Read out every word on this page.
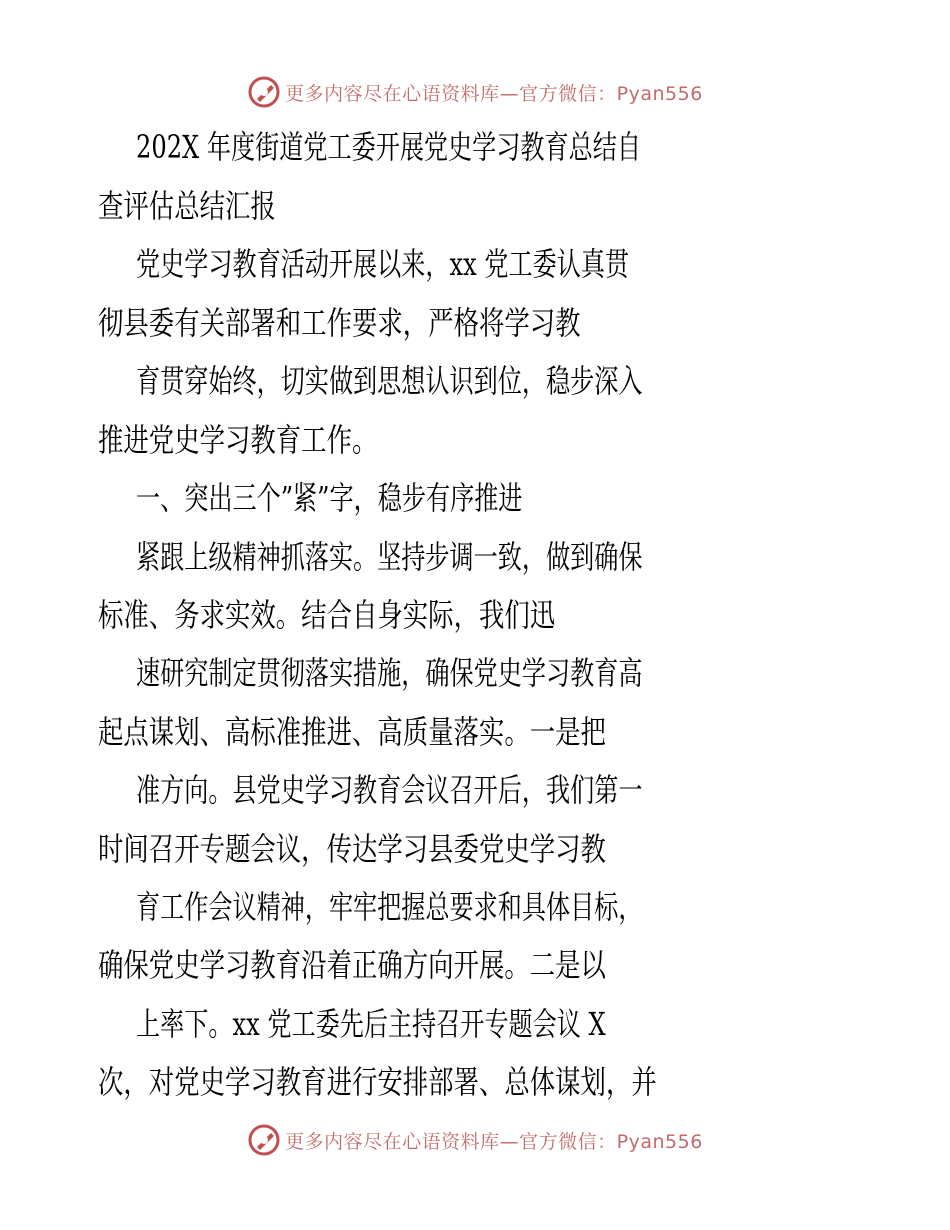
更多内容尽在心语资料库—官方微信：Pyan556
202X 年度街道党工委开展党史学习教育总结自
查评估总结汇报
党史学习教育活动开展以来，xx 党工委认真贯
彻县委有关部署和工作要求，严格将学习教
育贯穿始终，切实做到思想认识到位，稳步深入
推进党史学习教育工作。
一、突出三个”紧”字，稳步有序推进
紧跟上级精神抓落实。坚持步调一致，做到确保
标准、务求实效。结合自身实际，我们迅
速研究制定贯彻落实措施，确保党史学习教育高
起点谋划、高标准推进、高质量落实。一是把
准方向。县党史学习教育会议召开后，我们第一
时间召开专题会议，传达学习县委党史学习教
育工作会议精神，牢牢把握总要求和具体目标，
确保党史学习教育沿着正确方向开展。二是以
上率下。xx 党工委先后主持召开专题会议 X
次，对党史学习教育进行安排部署、总体谋划，并
更多内容尽在心语资料库—官方微信：Pyan556
